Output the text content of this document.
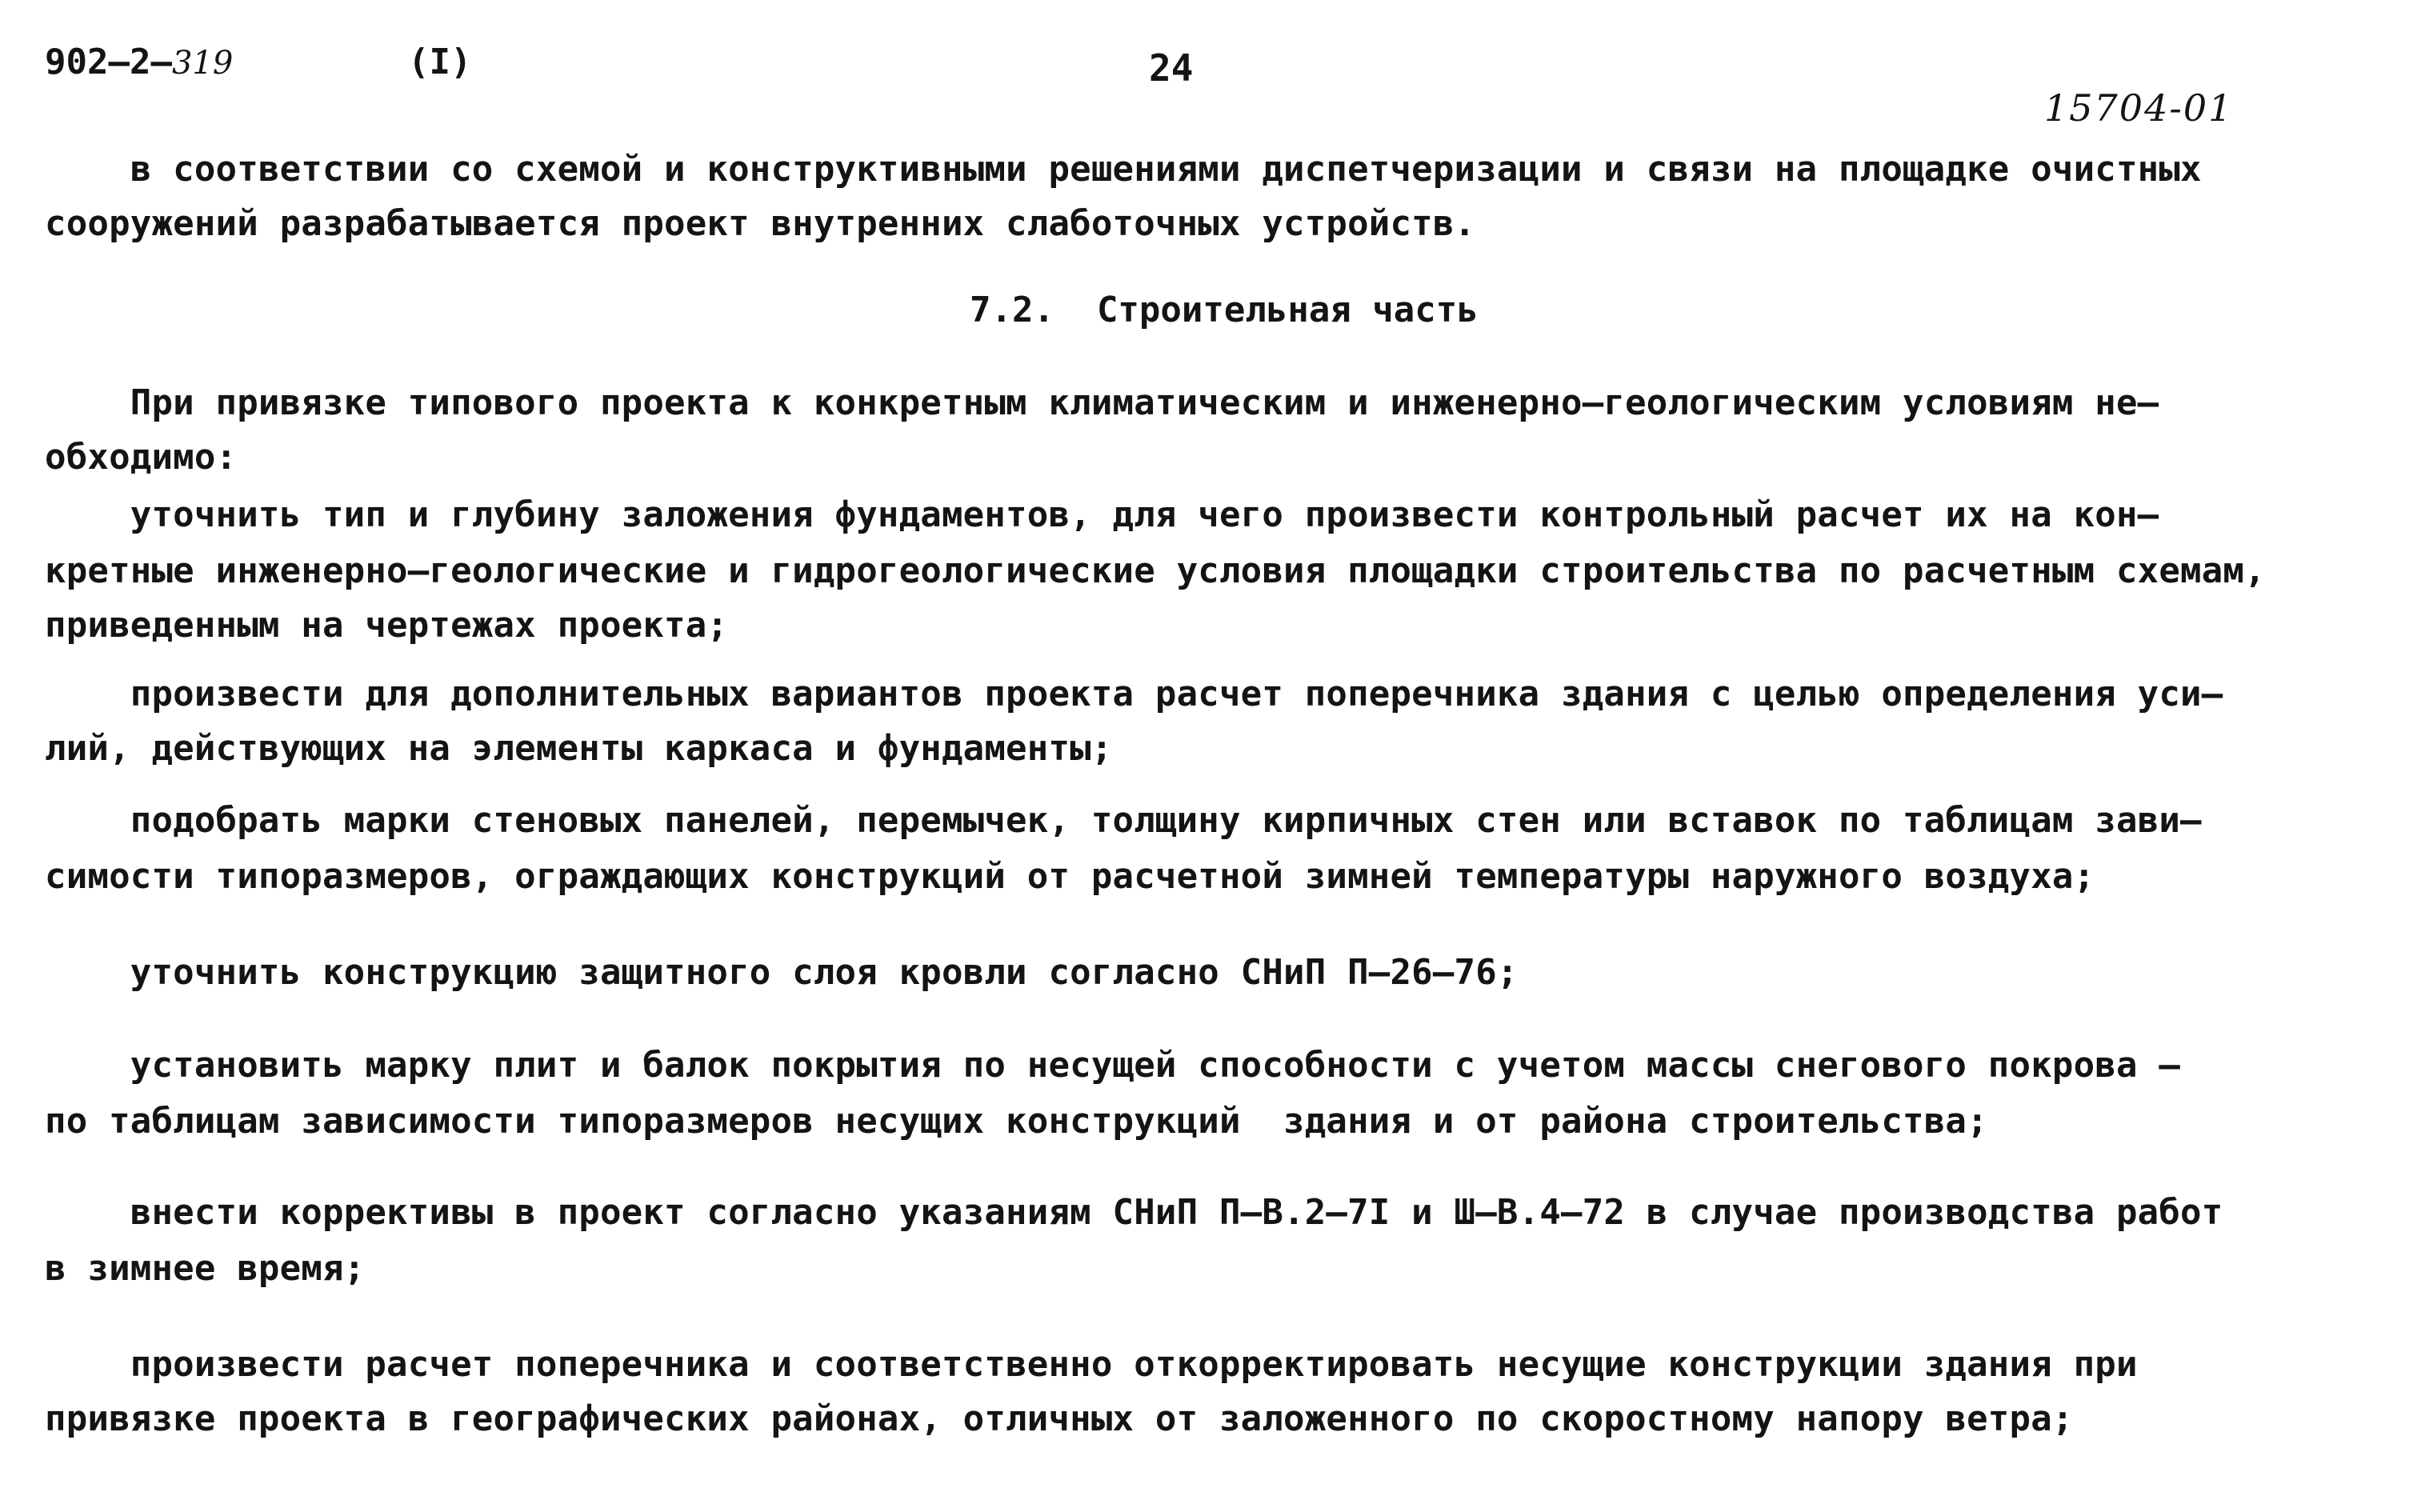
902–2–319	(I)	24
15704-01
в соответствии со схемой и конструктивными решениями диспетчеризации и связи на площадке очистных
сооружений разрабатывается проект внутренних слаботочных устройств.
7.2.  Строительная часть
При привязке типового проекта к конкретным климатическим и инженерно–геологическим условиям не–
обходимо:
уточнить тип и глубину заложения фундаментов, для чего произвести контрольный расчет их на кон–
кретные инженерно–геологические и гидрогеологические условия площадки строительства по расчетным схемам,
приведенным на чертежах проекта;
произвести для дополнительных вариантов проекта расчет поперечника здания с целью определения уси–
лий, действующих на элементы каркаса и фундаменты;
подобрать марки стеновых панелей, перемычек, толщину кирпичных стен или вставок по таблицам зави–
симости типоразмеров, ограждающих конструкций от расчетной зимней температуры наружного воздуха;
уточнить конструкцию защитного слоя кровли согласно СНиП П–26–76;
установить марку плит и балок покрытия по несущей способности с учетом массы снегового покрова –
по таблицам зависимости типоразмеров несущих конструкций  здания и от района строительства;
внести коррективы в проект согласно указаниям СНиП П–В.2–7I и Ш–В.4–72 в случае производства работ
в зимнее время;
произвести расчет поперечника и соответственно откорректировать несущие конструкции здания при
привязке проекта в географических районах, отличных от заложенного по скоростному напору ветра;
